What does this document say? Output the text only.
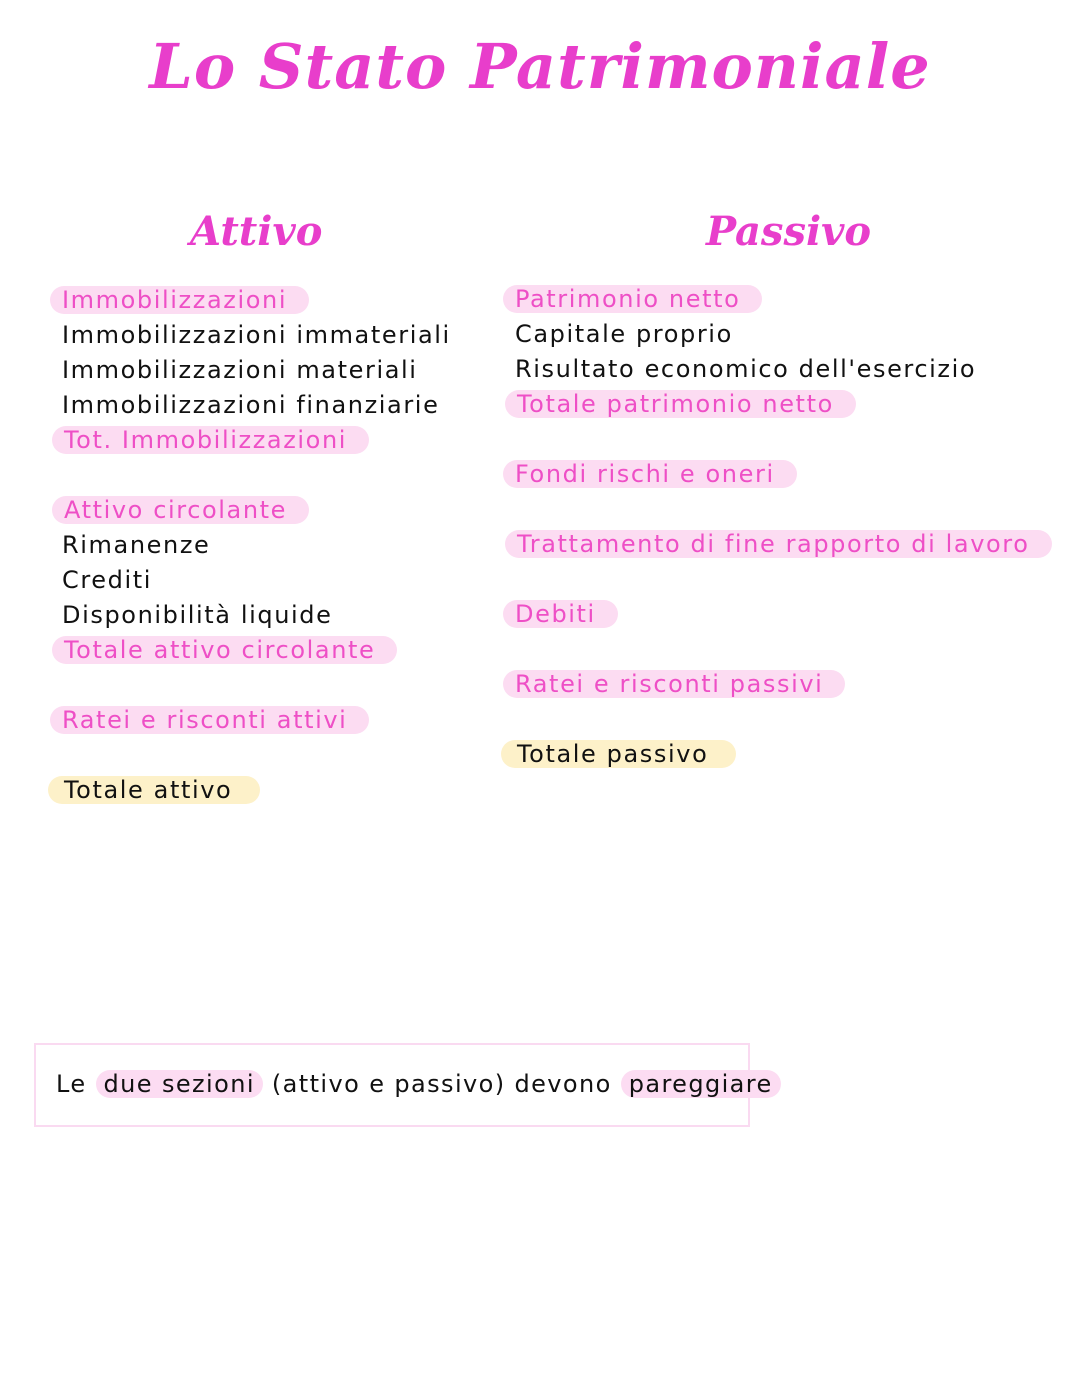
Lo Stato Patrimoniale
Attivo	Passivo
Immobilizzazioni
Immobilizzazioni immateriali
Immobilizzazioni materiali
Immobilizzazioni finanziarie
Tot. Immobilizzazioni
Attivo circolante
Rimanenze
Crediti
Disponibilità liquide
Totale attivo circolante
Ratei e risconti attivi
Totale attivo
Patrimonio netto
Capitale proprio
Risultato economico dell'esercizio
Totale patrimonio netto
Fondi rischi e oneri
Trattamento di fine rapporto di lavoro
Debiti
Ratei e risconti passivi
Totale passivo
Le due sezioni (attivo e passivo) devono pareggiare
